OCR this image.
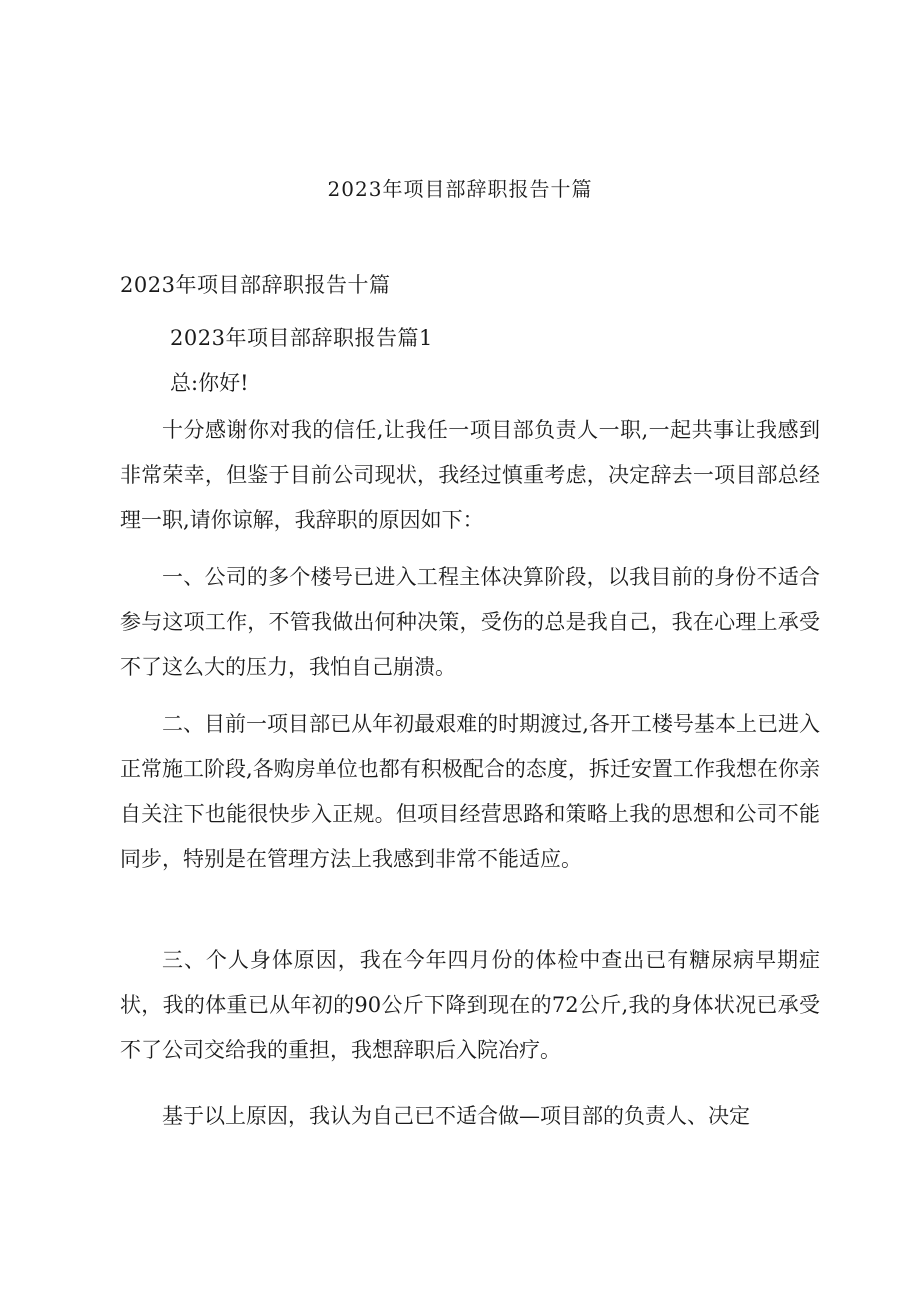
2023年项目部辞职报告十篇
2023年项目部辞职报告十篇
2023年项目部辞职报告篇1
总:你好!

十分感谢你对我的信任,让我任一项目部负责人一职,一起共事让我感到非常荣幸，但鉴于目前公司现状，我经过慎重考虑，决定辞去一项目部总经理一职,请你谅解，我辞职的原因如下：

一、公司的多个楼号已进入工程主体决算阶段，以我目前的身份不适合参与这项工作，不管我做出何种决策，受伤的总是我自己，我在心理上承受不了这么大的压力，我怕自己崩溃。

二、目前一项目部已从年初最艰难的时期渡过,各开工楼号基本上已进入正常施工阶段,各购房单位也都有积极配合的态度，拆迁安置工作我想在你亲自关注下也能很快步入正规。但项目经营思路和策略上我的思想和公司不能同步，特别是在管理方法上我感到非常不能适应。

三、个人身体原因，我在今年四月份的体检中查出已有糖尿病早期症状，我的体重已从年初的90公斤下降到现在的72公斤,我的身体状况已承受不了公司交给我的重担，我想辞职后入院冶疗。

基于以上原因，我认为自己已不适合做—项目部的负责人、决定
